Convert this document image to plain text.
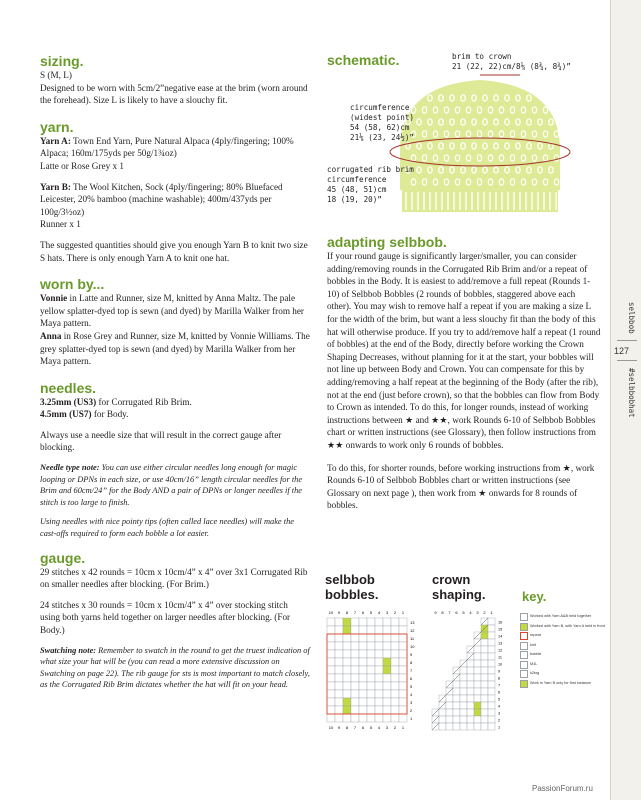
sizing.

S (M, L)

Designed to be worn with 5cm/2”negative ease at the brim (worn around the forehead). Size L is likely to have a slouchy fit.

yarn.

Yarn A: Town End Yarn, Pure Natural Alpaca (4ply/fingering; 100% Alpaca; 160m/175yds per 50g/1¾oz)

Latte or Rose Grey x 1

Yarn B: The Wool Kitchen, Sock (4ply/fingering; 80% Bluefaced Leicester, 20% bamboo (machine washable); 400m/437yds per 100g/3½oz)

Runner x 1

The suggested quantities should give you enough Yarn B to knit two size S hats. There is only enough Yarn A to knit one hat.

worn by...

Vonnie in Latte and Runner, size M, knitted by Anna Maltz. The pale yellow splatter-dyed top is sewn (and dyed) by Marilla Walker from her Maya pattern.

Anna in Rose Grey and Runner, size M, knitted by Vonnie Williams. The grey splatter-dyed top is sewn (and dyed) by Marilla Walker from her Maya pattern.

needles.

3.25mm (US3) for Corrugated Rib Brim.

4.5mm (US7) for Body.

Always use a needle size that will result in the correct gauge after blocking.

Needle type note: You can use either circular needles long enough for magic looping or DPNs in each size, or use 40cm/16” length circular needles for the Brim and 60cm/24” for the Body AND a pair of DPNs or longer needles if the stitch is too large to finish.

Using needles with nice pointy tips (often called lace needles) will make the cast-offs required to form each bobble a lot easier.

gauge.

29 stitches x 42 rounds = 10cm x 10cm/4” x 4” over 3x1 Corrugated Rib on smaller needles after blocking. (For Brim.)

24 stitches x 30 rounds = 10cm x 10cm/4” x 4” over stocking stitch using both yarns held together on larger needles after blocking. (For Body.)

Swatching note: Remember to swatch in the round to get the truest indication of what size your hat will be (you can read a more extensive discussion on Swatching on page 22). The rib gauge for sts is most important to match closely, as the Corrugated Rib Brim dictates whether the hat will fit on your head.

schematic.	brim to crown
21 (22, 22)cm/8⅛ (8¾, 8¾)”
circumference
(widest point)
54 (58, 62)cm
21⅛ (23, 24½)”
corrugated rib brim
circumference
45 (48, 51)cm
18 (19, 20)”
adapting selbbob.

If your round gauge is significantly larger/smaller, you can consider adding/removing rounds in the Corrugated Rib Brim and/or a repeat of bobbles in the Body. It is easiest to add/remove a full repeat (Rounds 1-10) of Selbbob Bobbles (2 rounds of bobbles, staggered above each other). You may wish to remove half a repeat if you are making a size L for the width of the brim, but want a less slouchy fit than the body of this hat will otherwise produce. If you try to add/remove half a repeat (1 round of bobbles) at the end of the Body, directly before working the Crown Shaping Decreases, without planning for it at the start, your bobbles will not line up between Body and Crown. You can compensate for this by adding/removing a half repeat at the beginning of the Body (after the rib), not at the end (just before crown), so that the bobbles can flow from Body to Crown as intended. To do this, for longer rounds, instead of working instructions between ★ and ★★, work Rounds 6-10 of Selbbob Bobbles chart or written instructions (see Glossary), then follow instructions from ★★ onwards to work only 6 rounds of bobbles.

To do this, for shorter rounds, before working instructions from ★, work Rounds 6-10 of Selbbob Bobbles chart or written instructions (see Glossary on next page ), then work from ★ onwards for 8 rounds of bobbles.

selbbob
bobbles.
crown
shaping.	key.
10
10
9
9
8
8
7
7
6
6
5
5
4
4
3
3
2
2
1
1
13
12
11
10
9
8
7
6
5
4
3
2
1
9 8 7 6 5 4 3 2 1
16
15
14
13
12
11
10
9
8
7
6
5
4
3
2
1
Worked with Yarn A&B held together
Worked with Yarn B, with Yarn A held in front
repeat
knit
bobble
M1L
k2tog
Work in Yarn B only for first instance
selbbob
#selbbobhat
127
PassionForum.ru
